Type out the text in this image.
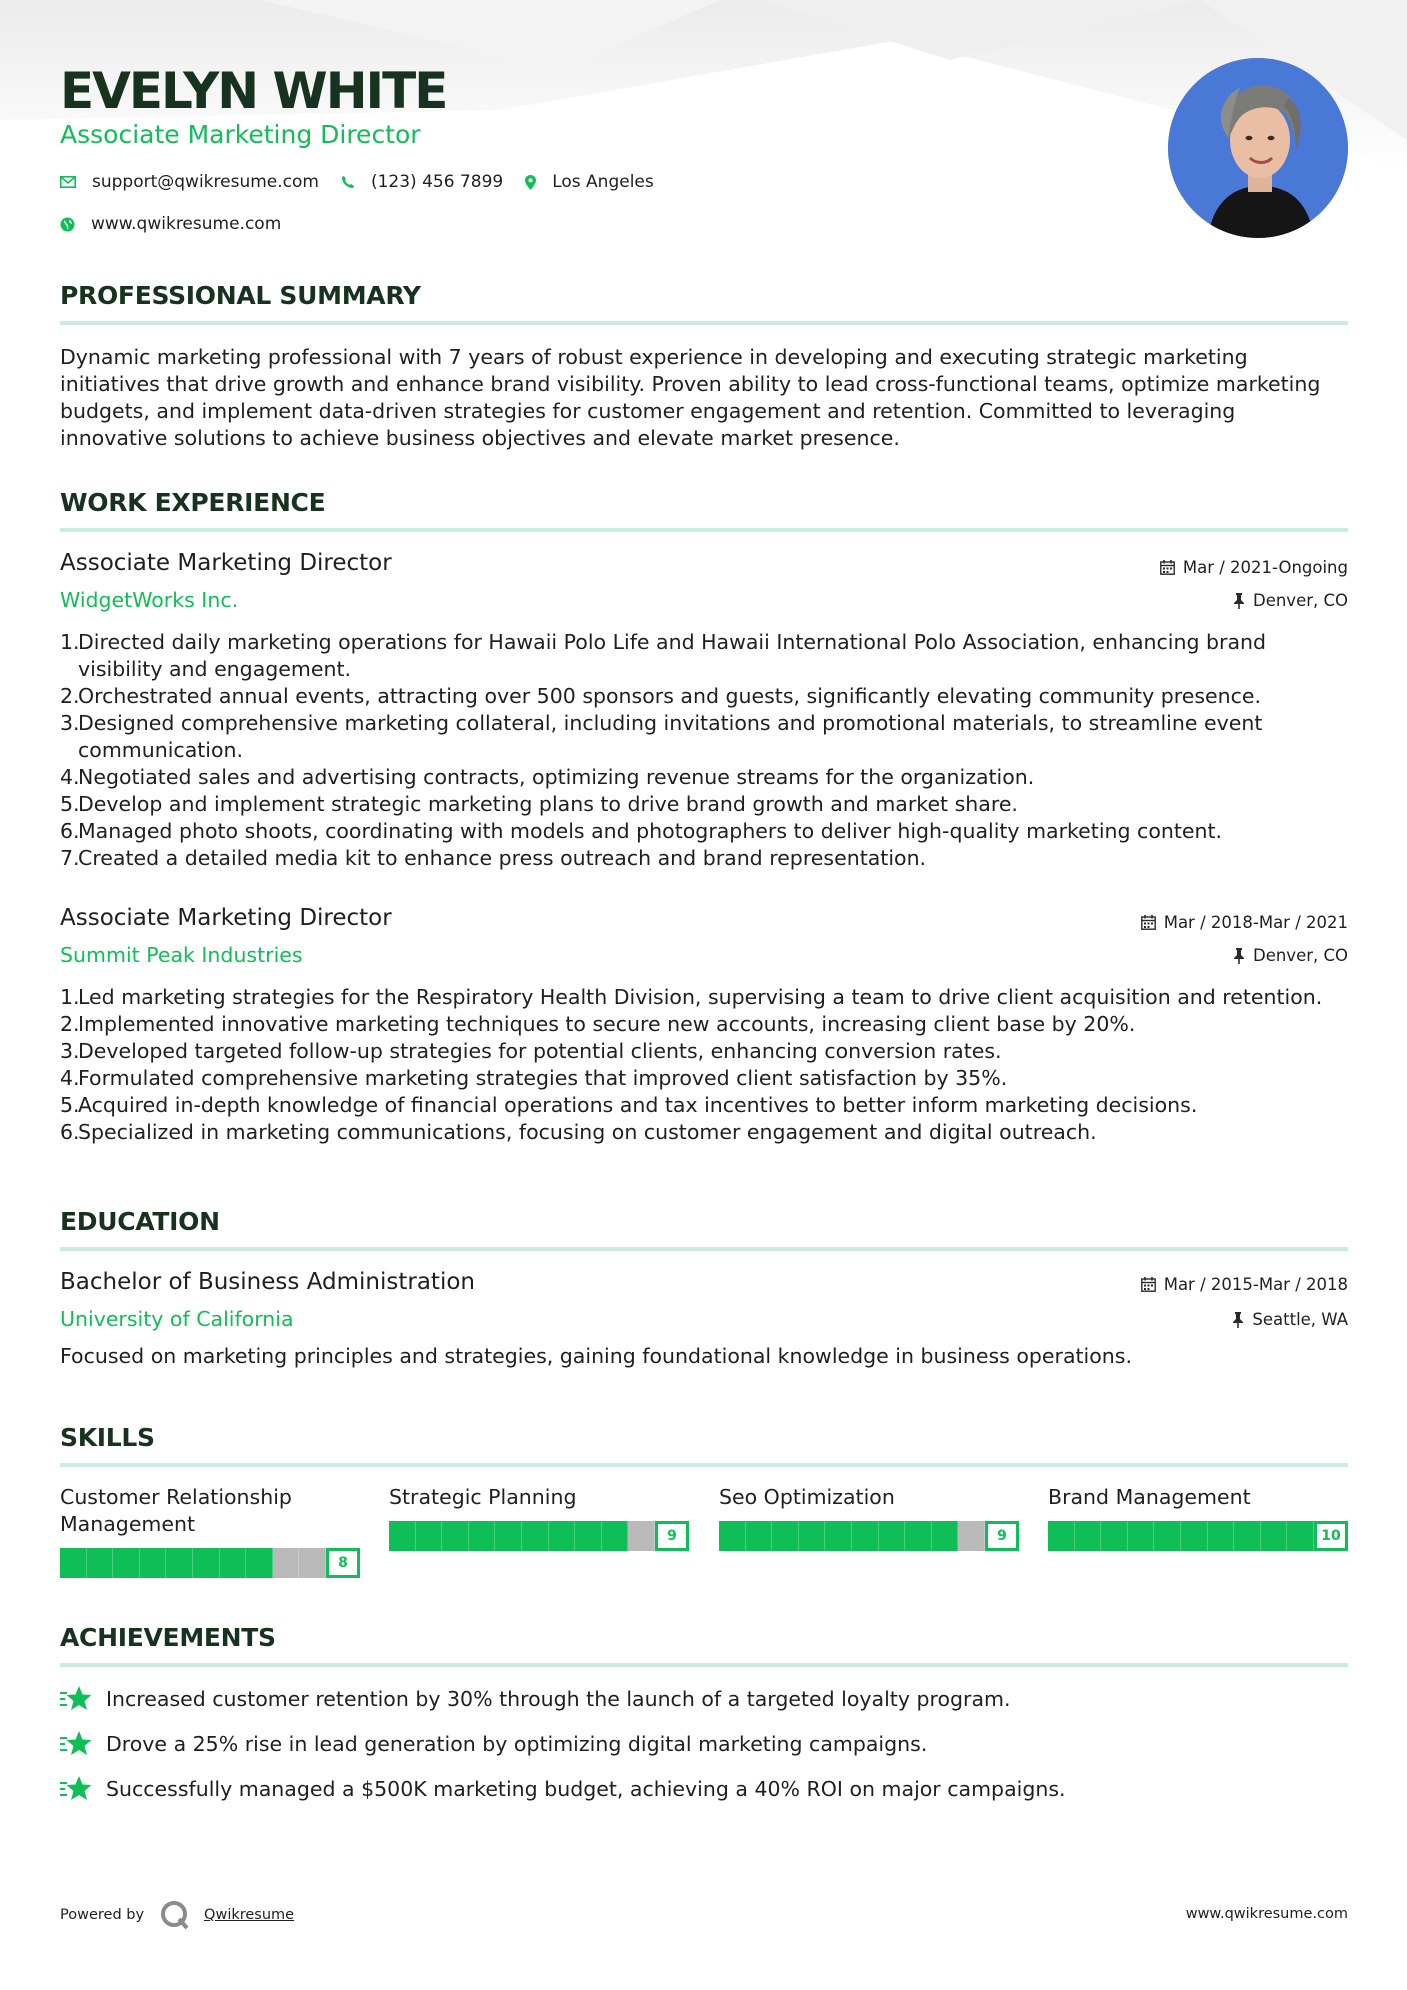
EVELYN WHITE
Associate Marketing Director
support@qwikresume.com	(123) 456 7899	Los Angeles
www.qwikresume.com
PROFESSIONAL SUMMARY
Dynamic marketing professional with 7 years of robust experience in developing and executing strategic marketing initiatives that drive growth and enhance brand visibility. Proven ability to lead cross-functional teams, optimize marketing budgets, and implement data-driven strategies for customer engagement and retention. Committed to leveraging innovative solutions to achieve business objectives and elevate market presence.
WORK EXPERIENCE
Associate Marketing Director	Mar / 2021-Ongoing
WidgetWorks Inc.	Denver, CO
1.
Directed daily marketing operations for Hawaii Polo Life and Hawaii International Polo Association, enhancing brand visibility and engagement.
2.
Orchestrated annual events, attracting over 500 sponsors and guests, significantly elevating community presence.
3.
Designed comprehensive marketing collateral, including invitations and promotional materials, to streamline event communication.
4.
Negotiated sales and advertising contracts, optimizing revenue streams for the organization.
5.
Develop and implement strategic marketing plans to drive brand growth and market share.
6.
Managed photo shoots, coordinating with models and photographers to deliver high-quality marketing content.
7.
Created a detailed media kit to enhance press outreach and brand representation.
Associate Marketing Director	Mar / 2018-Mar / 2021
Summit Peak Industries	Denver, CO
1.
Led marketing strategies for the Respiratory Health Division, supervising a team to drive client acquisition and retention.
2.
Implemented innovative marketing techniques to secure new accounts, increasing client base by 20%.
3.
Developed targeted follow-up strategies for potential clients, enhancing conversion rates.
4.
Formulated comprehensive marketing strategies that improved client satisfaction by 35%.
5.
Acquired in-depth knowledge of financial operations and tax incentives to better inform marketing decisions.
6.
Specialized in marketing communications, focusing on customer engagement and digital outreach.
EDUCATION
Bachelor of Business Administration	Mar / 2015-Mar / 2018
University of California	Seattle, WA
Focused on marketing principles and strategies, gaining foundational knowledge in business operations.
SKILLS
Customer Relationship Management
8
Strategic Planning
9
Seo Optimization
9
Brand Management
10
ACHIEVEMENTS
Increased customer retention by 30% through the launch of a targeted loyalty program.
Drove a 25% rise in lead generation by optimizing digital marketing campaigns.
Successfully managed a $500K marketing budget, achieving a 40% ROI on major campaigns.
Powered by	Qwikresume	www.qwikresume.com
